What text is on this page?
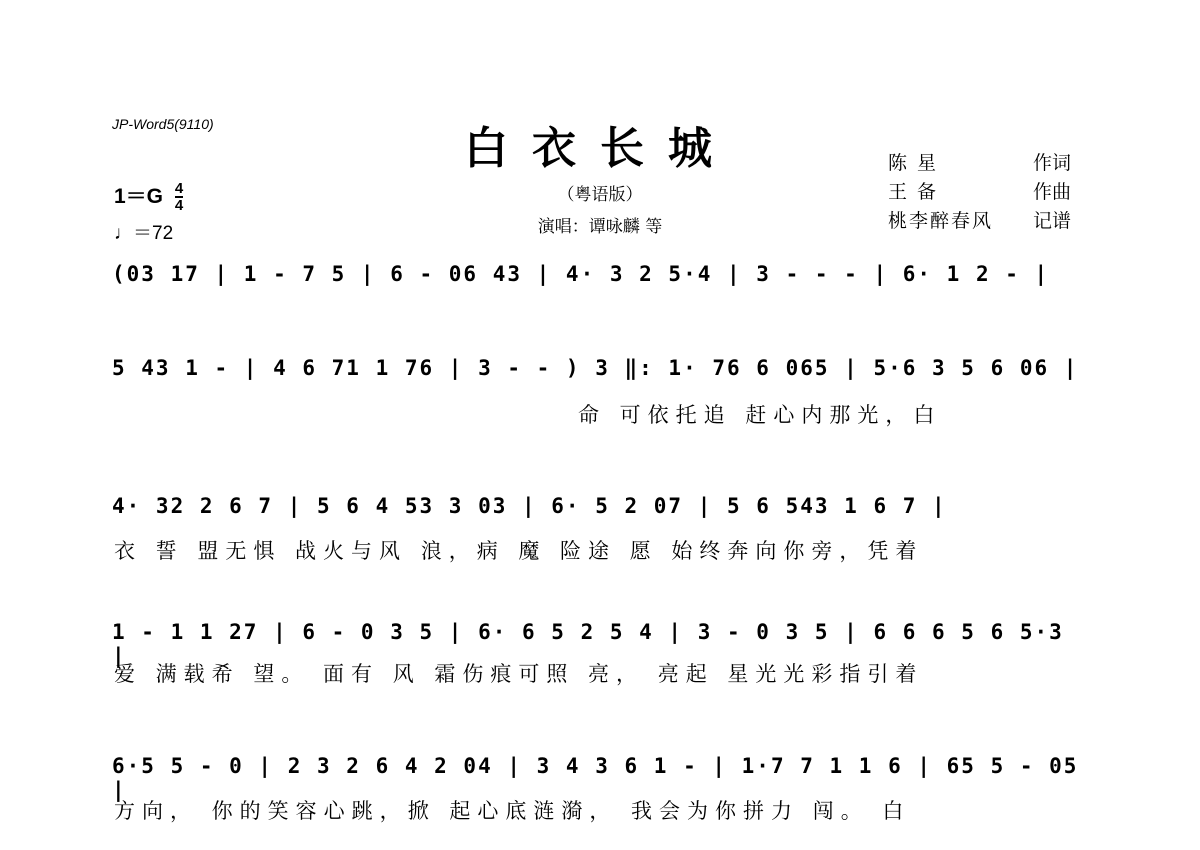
JP-Word5(9110)	白衣长城
（粤语版）
演唱：谭咏麟 等
陈 星	作词
王 备	作曲
桃李醉春风 记谱
$1=G \frac{4}{4}$
♩＝72
(03 17 | 1 - 7 5 | 6 - 06 43 | 4· 3 2 5·4 | 3 - - - | 6· 1 2 - |
5 43 1 - | 4 6 71 1 76 | 3 - - ) 3 ‖: 1· 76 6 065 | 5·6 3 5 6 06 |
命 可依托追 赶心内那光，白
4· 32 2 6 7 | 5 6 4 53 3 03 | 6· 5 2 07 | 5 6 543 1 6 7 |
衣 誓 盟无惧 战火与风 浪，病 魔 险途 愿 始终奔向你旁，凭着
1 - 1 1 27 | 6 - 0 3 5 | 6· 6 5 2 5 4 | 3 - 0 3 5 | 6 6 6 5 6 5·3 |
爱 满载希 望。 面有 风 霜伤痕可照 亮， 亮起 星光光彩指引着
6·5 5 - 0 | 2 3 2 6 4 2 04 | 3 4 3 6 1 - | 1·7 7 1 1 6 | 65 5 - 05 |
方向， 你的笑容心跳，掀 起心底涟漪， 我会为你拼力 闯。 白
